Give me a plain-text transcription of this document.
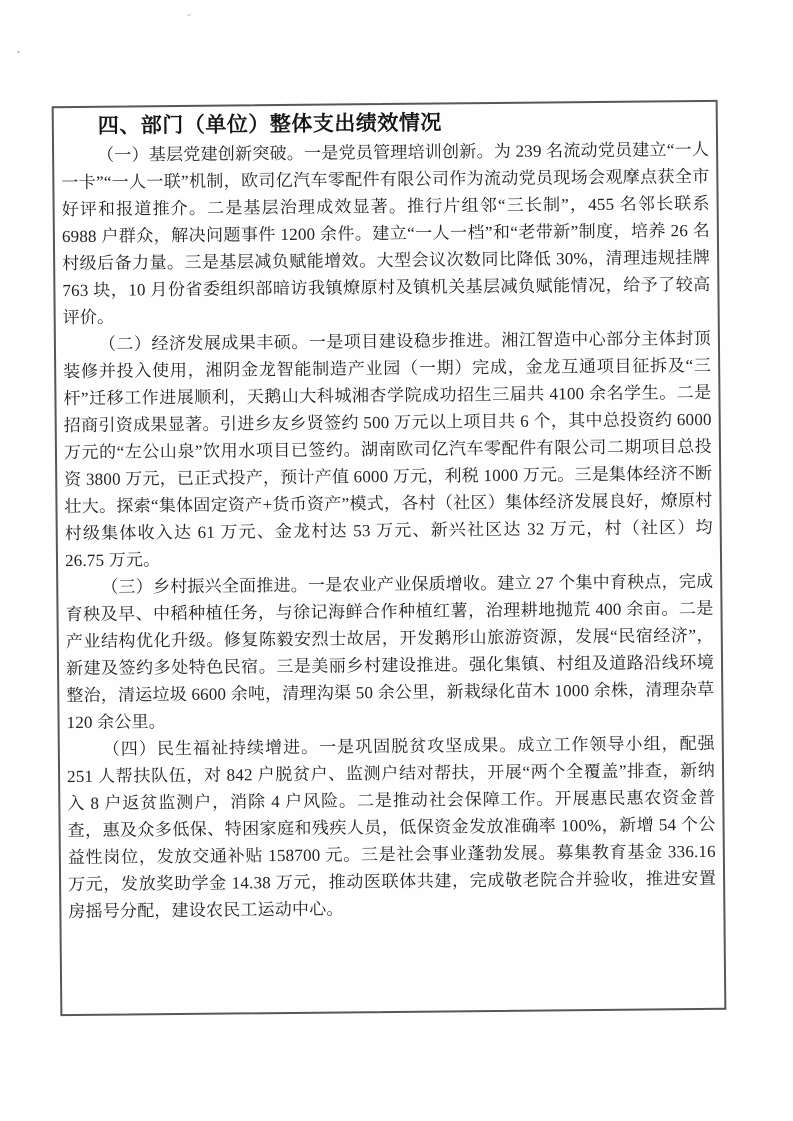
四、部门（单位）整体支出绩效情况

（一）基层党建创新突破。一是党员管理培训创新。为 239 名流动党员建立“一人一卡”“一人一联”机制，欧司亿汽车零配件有限公司作为流动党员现场会观摩点获全市好评和报道推介。二是基层治理成效显著。推行片组邻“三长制”，455 名邻长联系 6988 户群众，解决问题事件 1200 余件。建立“一人一档”和“老带新”制度，培养 26 名村级后备力量。三是基层减负赋能增效。大型会议次数同比降低 30%，清理违规挂牌 763 块，10 月份省委组织部暗访我镇燎原村及镇机关基层减负赋能情况，给予了较高评价。

（二）经济发展成果丰硕。一是项目建设稳步推进。湘江智造中心部分主体封顶装修并投入使用，湘阴金龙智能制造产业园（一期）完成，金龙互通项目征拆及“三杆”迁移工作进展顺利，天鹅山大科城湘杏学院成功招生三届共 4100 余名学生。二是招商引资成果显著。引进乡友乡贤签约 500 万元以上项目共 6 个，其中总投资约 6000 万元的“左公山泉”饮用水项目已签约。湖南欧司亿汽车零配件有限公司二期项目总投资 3800 万元，已正式投产，预计产值 6000 万元，利税 1000 万元。三是集体经济不断壮大。探索“集体固定资产+货币资产”模式，各村（社区）集体经济发展良好，燎原村村级集体收入达 61 万元、金龙村达 53 万元、新兴社区达 32 万元，村（社区）均 26.75 万元。

（三）乡村振兴全面推进。一是农业产业保质增收。建立 27 个集中育秧点，完成育秧及早、中稻种植任务，与徐记海鲜合作种植红薯，治理耕地抛荒 400 余亩。二是产业结构优化升级。修复陈毅安烈士故居，开发鹅形山旅游资源，发展“民宿经济”，新建及签约多处特色民宿。三是美丽乡村建设推进。强化集镇、村组及道路沿线环境整治，清运垃圾 6600 余吨，清理沟渠 50 余公里，新栽绿化苗木 1000 余株，清理杂草 120 余公里。

（四）民生福祉持续增进。一是巩固脱贫攻坚成果。成立工作领导小组，配强 251 人帮扶队伍，对 842 户脱贫户、监测户结对帮扶，开展“两个全覆盖”排查，新纳入 8 户返贫监测户，消除 4 户风险。二是推动社会保障工作。开展惠民惠农资金普查，惠及众多低保、特困家庭和残疾人员，低保资金发放准确率 100%，新增 54 个公益性岗位，发放交通补贴 158700 元。三是社会事业蓬勃发展。募集教育基金 336.16 万元，发放奖助学金 14.38 万元，推动医联体共建，完成敬老院合并验收，推进安置房摇号分配，建设农民工运动中心。
